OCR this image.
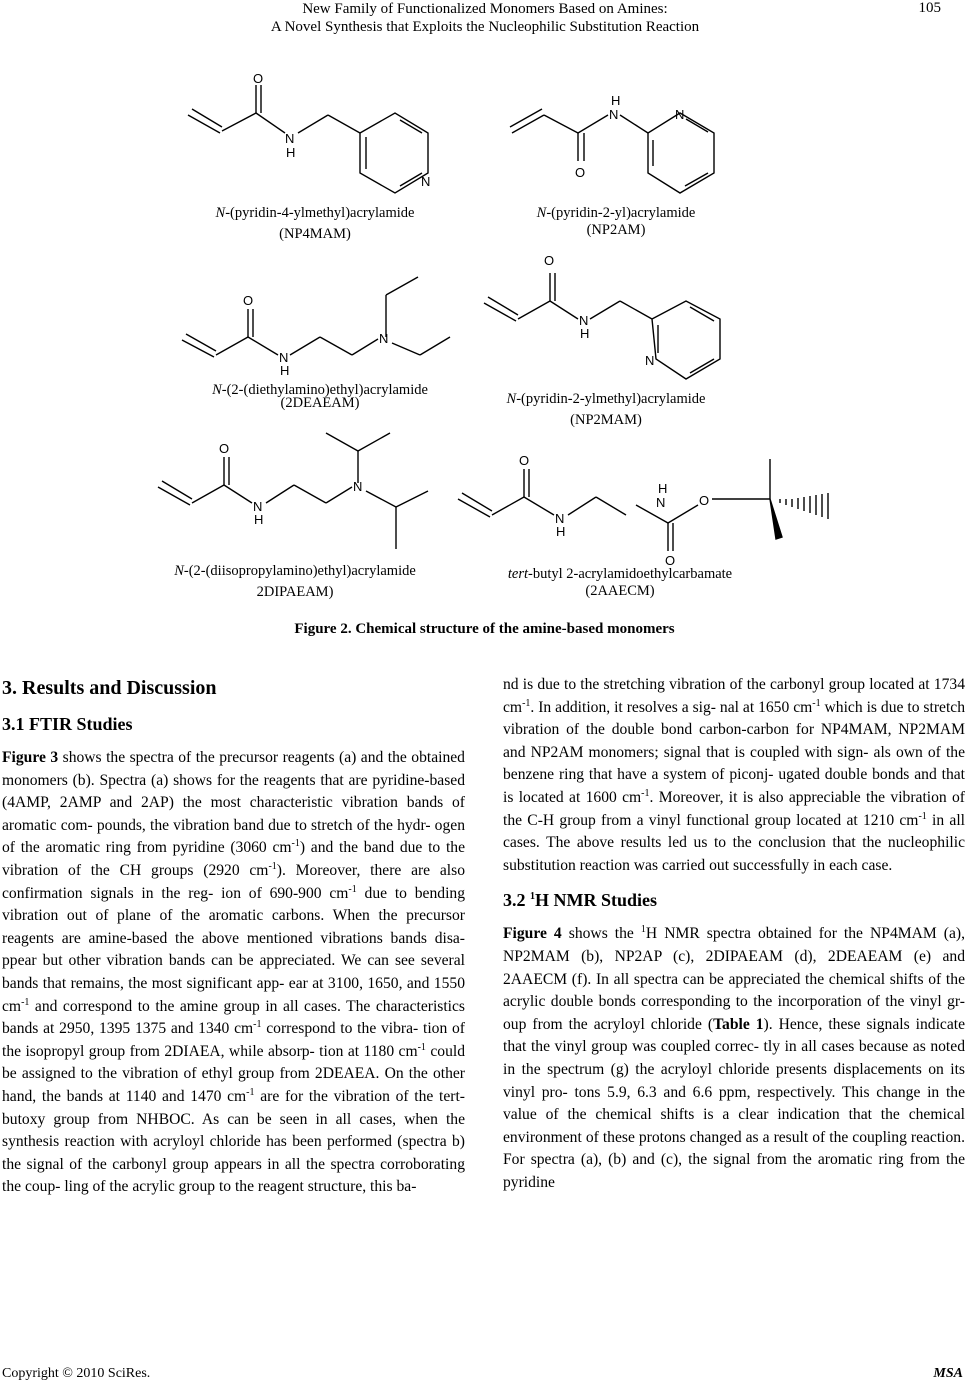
New Family of Functionalized Monomers Based on Amines:
A Novel Synthesis that Exploits the Nucleophilic Substitution Reaction
105
O
N
H
N
H
N
O
N
O
N
H
N
O
N
H
N
O
N
H
N
O
N
H
H
N	O
O
N-(pyridin-4-ylmethyl)acrylamide
(NP4MAM)
N-(pyridin-2-yl)acrylamide
(NP2AM)
N-(2-(diethylamino)ethyl)acrylamide
(2DEAEAM)	N-(pyridin-2-ylmethyl)acrylamide
(NP2MAM)
N-(2-(diisopropylamino)ethyl)acrylamide
2DIPAEAM)
tert-butyl 2-acrylamidoethylcarbamate
(2AAECM)
Figure 2. Chemical structure of the amine-based monomers
3. Results and Discussion
3.1 FTIR Studies

Figure 3 shows the spectra of the precursor reagents (a) and the obtained monomers (b). Spectra (a) shows for the reagents that are pyridine-based (4AMP, 2AMP and 2AP) the most characteristic vibration bands of aromatic com- pounds, the vibration band due to stretch of the hydr- ogen of the aromatic ring from pyridine (3060 $cm^{-1}$) and the band due to the vibration of the CH groups (2920 $cm^{-1}$). Moreover, there are also confirmation signals in the reg- ion of 690-900 $cm^{-1}$ due to bending vibration out of plane of the aromatic carbons. When the precursor reagents are amine-based the above mentioned vibrations bands disa- ppear but other vibration bands can be appreciated. We can see several bands that remains, the most significant app- ear at 3100, 1650, and 1550 $cm^{-1}$ and correspond to the amine group in all cases. The characteristics bands at 2950, 1395 1375 and 1340 $cm^{-1}$ correspond to the vibra- tion of the isopropyl group from 2DIAEA, while absorp- tion at 1180 $cm^{-1}$ could be assigned to the vibration of ethyl group from 2DEAEA. On the other hand, the bands at 1140 and 1470 $cm^{-1}$ are for the vibration of the tert- butoxy group from NHBOC. As can be seen in all cases, when the synthesis reaction with acryloyl chloride has been performed (spectra b) the signal of the carbonyl group appears in all the spectra corroborating the coup- ling of the acrylic group to the reagent structure, this ba-

nd is due to the stretching vibration of the carbonyl group located at 1734 $cm^{-1}$. In addition, it resolves a sig- nal at 1650 $cm^{-1}$ which is due to stretch vibration of the double bond carbon-carbon for NP4MAM, NP2MAM and NP2AM monomers; signal that is coupled with sign- als own of the benzene ring that have a system of piconj- ugated double bonds and that is located at 1600 $cm^{-1}$. Moreover, it is also appreciable the vibration of the C-H group from a vinyl functional group located at 1210 $cm^{-1}$ in all cases. The above results led us to the conclusion that the nucleophilic substitution reaction was carried out successfully in each case.

3.2 $^1$H NMR Studies

Figure 4 shows the $^1$H NMR spectra obtained for the NP4MAM (a), NP2MAM (b), NP2AP (c), 2DIPAEAM (d), 2DEAEAM (e) and 2AAECM (f). In all spectra can be appreciated the chemical shifts of the acrylic double bonds corresponding to the incorporation of the vinyl gr- oup from the acryloyl chloride (Table 1). Hence, these signals indicate that the vinyl group was coupled correc- tly in all cases because as noted in the spectrum (g) the acryloyl chloride presents displacements on its vinyl pro- tons 5.9, 6.3 and 6.6 ppm, respectively. This change in the value of the chemical shifts is a clear indication that the chemical environment of these protons changed as a result of the coupling reaction. For spectra (a), (b) and (c), the signal from the aromatic ring from the pyridine

Copyright © 2010 SciRes.	MSA
